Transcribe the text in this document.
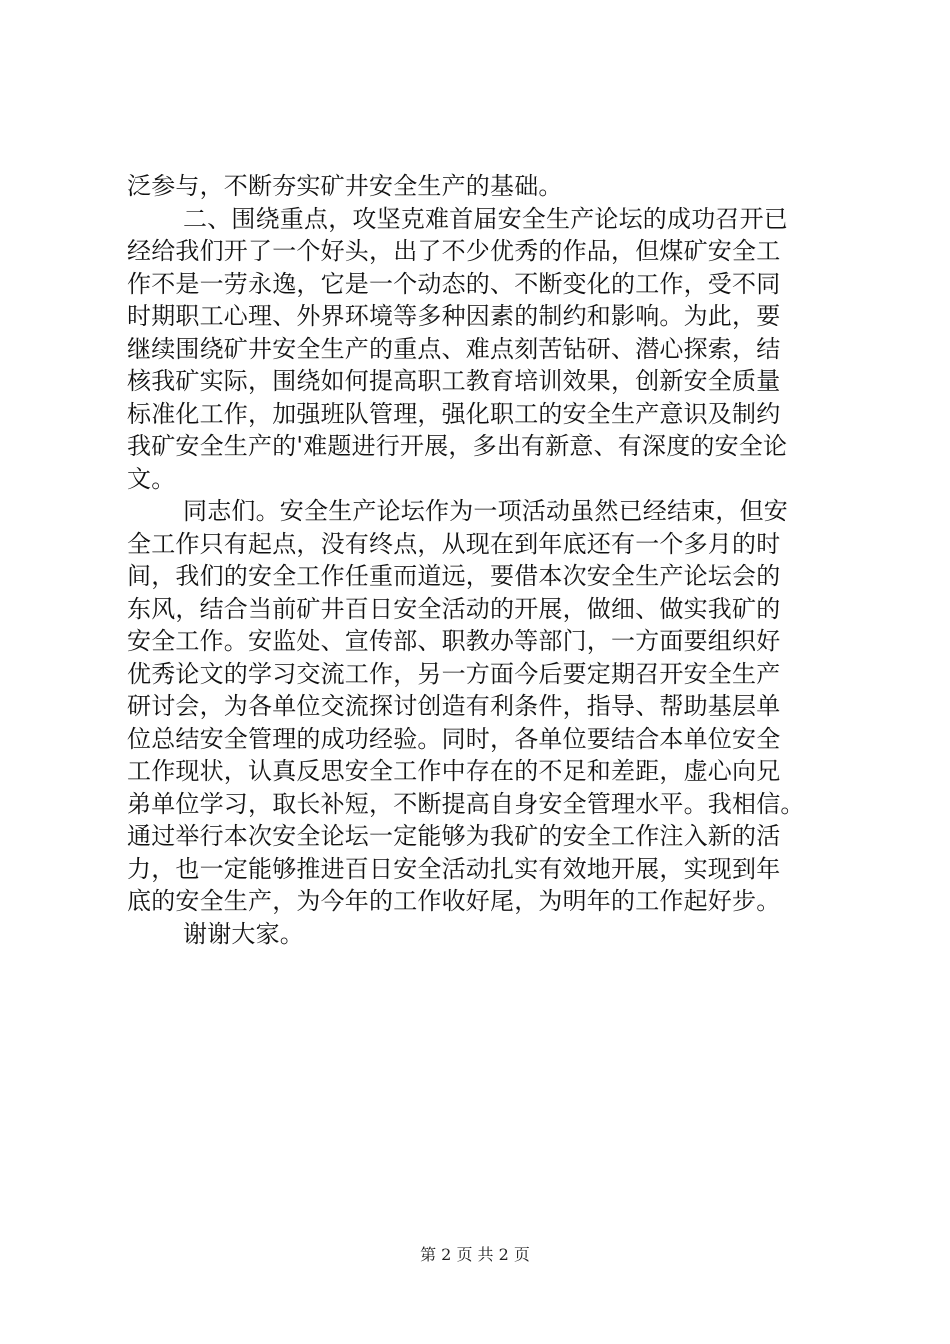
泛参与，不断夯实矿井安全生产的基础。
二、围绕重点，攻坚克难首届安全生产论坛的成功召开已
经给我们开了一个好头，出了不少优秀的作品，但煤矿安全工
作不是一劳永逸，它是一个动态的、不断变化的工作，受不同
时期职工心理、外界环境等多种因素的制约和影响。为此，要
继续围绕矿井安全生产的重点、难点刻苦钻研、潜心探索，结
核我矿实际，围绕如何提高职工教育培训效果，创新安全质量
标准化工作，加强班队管理，强化职工的安全生产意识及制约
我矿安全生产的'难题进行开展，多出有新意、有深度的安全论
文。
同志们。安全生产论坛作为一项活动虽然已经结束，但安
全工作只有起点，没有终点，从现在到年底还有一个多月的时
间，我们的安全工作任重而道远，要借本次安全生产论坛会的
东风，结合当前矿井百日安全活动的开展，做细、做实我矿的
安全工作。安监处、宣传部、职教办等部门，一方面要组织好
优秀论文的学习交流工作，另一方面今后要定期召开安全生产
研讨会，为各单位交流探讨创造有利条件，指导、帮助基层单
位总结安全管理的成功经验。同时，各单位要结合本单位安全
工作现状，认真反思安全工作中存在的不足和差距，虚心向兄
弟单位学习，取长补短，不断提高自身安全管理水平。我相信。
通过举行本次安全论坛一定能够为我矿的安全工作注入新的活
力，也一定能够推进百日安全活动扎实有效地开展，实现到年
底的安全生产，为今年的工作收好尾，为明年的工作起好步。
谢谢大家。
第 2 页 共 2 页
